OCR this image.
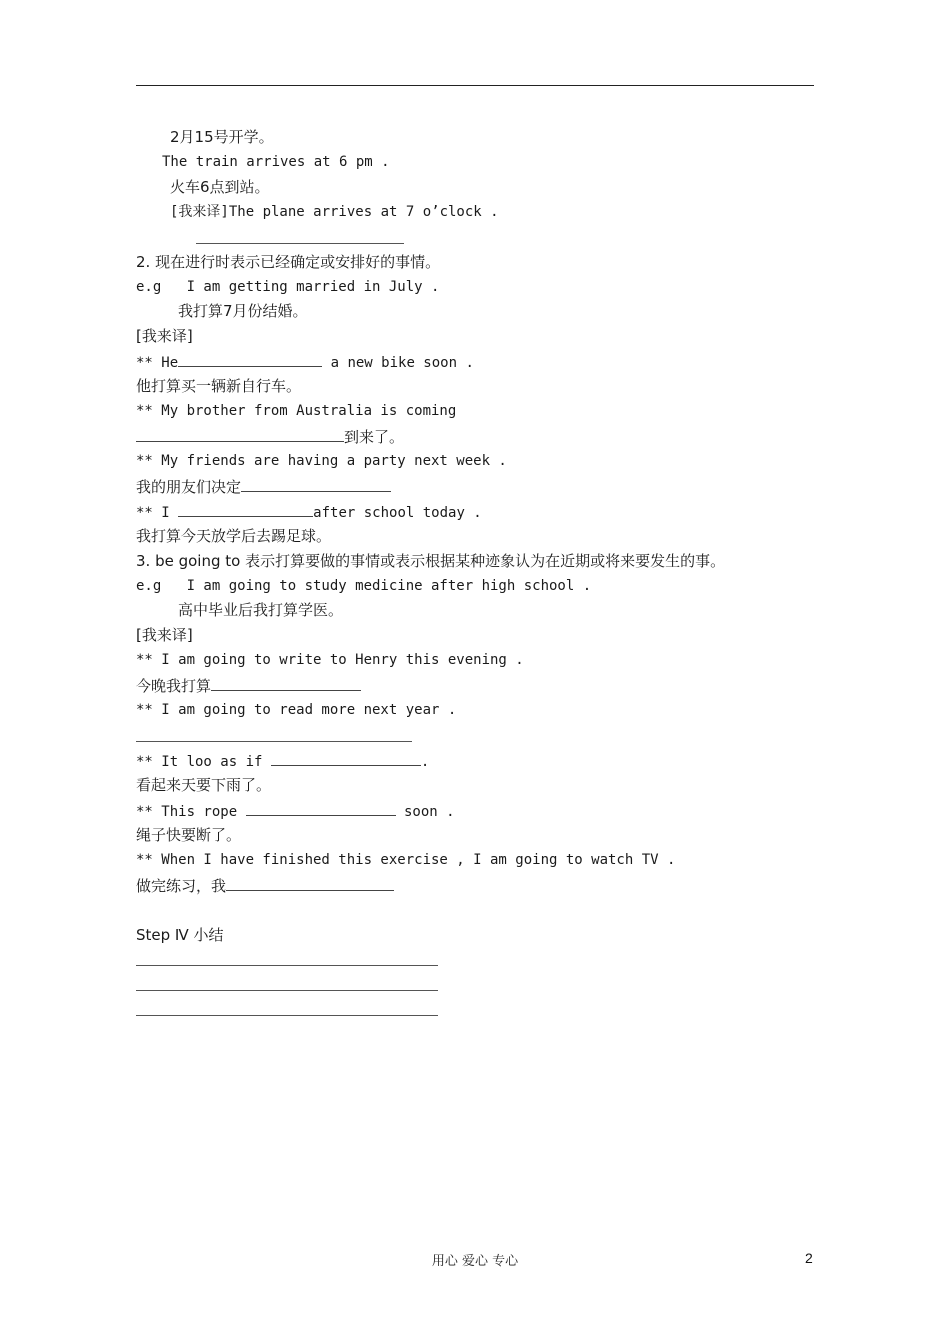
2月15号开学。
The train arrives at 6 pm .
火车6点到站。
[我来译]The plane arrives at 7 o’clock .
2. 现在进行时表示已经确定或安排好的事情。
e.g   I am getting married in July .
我打算7月份结婚。
[我来译]
** He	a new bike soon .
他打算买一辆新自行车。
** My brother from Australia is coming
到来了。
** My friends are having a party next week .
我的朋友们决定
** I	after school today .
我打算今天放学后去踢足球。
3. be going to 表示打算要做的事情或表示根据某种迹象认为在近期或将来要发生的事。
e.g   I am going to study medicine after high school .
高中毕业后我打算学医。
[我来译]
** I am going to write to Henry this evening .
今晚我打算
** I am going to read more next year .
** It loo as if	.
看起来天要下雨了。
** This rope	soon .
绳子快要断了。
** When I have finished this exercise , I am going to watch TV .
做完练习，我
Step Ⅳ 小结
用心 爱心 专心	2
